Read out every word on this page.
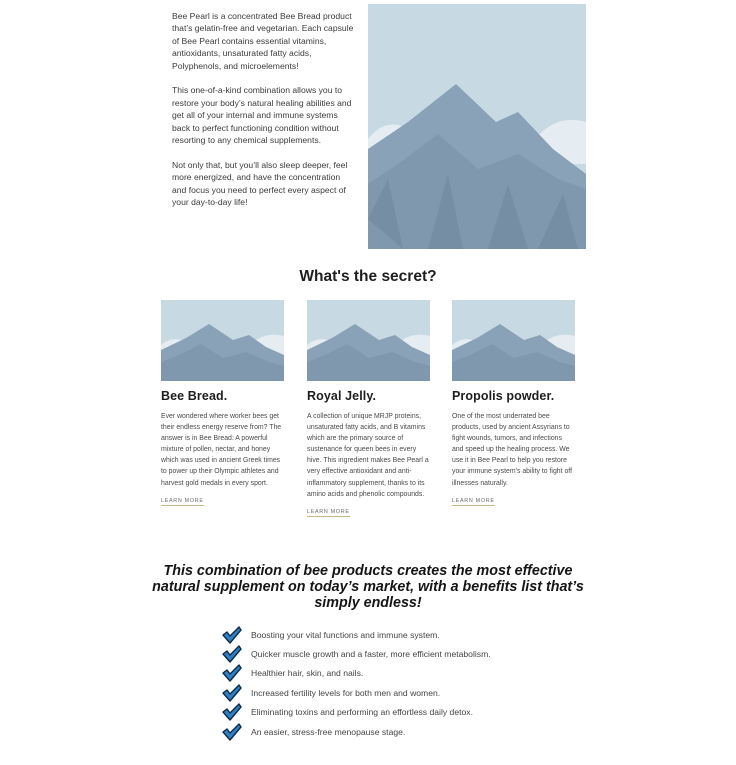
Bee Pearl is a concentrated Bee Bread product that’s gelatin-free and vegetarian. Each capsule of Bee Pearl contains essential vitamins, antioxidants, unsaturated fatty acids, Polyphenols, and microelements!

This one-of-a-kind combination allows you to restore your body’s natural healing abilities and get all of your internal and immune systems back to perfect functioning condition without resorting to any chemical supplements.

Not only that, but you’ll also sleep deeper, feel more energized, and have the concentration and focus you need to perfect every aspect of your day-to-day life!

What's the secret?
Bee Bread.
Ever wondered where worker bees get their endless energy reserve from? The answer is in Bee Bread: A powerful mixture of pollen, nectar, and honey which was used in ancient Greek times to power up their Olympic athletes and harvest gold medals in every sport.
LEARN MORE
Royal Jelly.
A collection of unique MRJP proteins, unsaturated fatty acids, and B vitamins which are the primary source of sustenance for queen bees in every hive. This ingredient makes Bee Pearl a very effective antioxidant and anti-inflammatory supplement, thanks to its amino acids and phenolic compounds.
LEARN MORE
Propolis powder.
One of the most underrated bee products, used by ancient Assyrians to fight wounds, tumors, and infections and speed up the healing process. We use it in Bee Pearl to help you restore your immune system’s ability to fight off illnesses naturally.
LEARN MORE
This combination of bee products creates the most effective natural supplement on today’s market, with a benefits list that’s simply endless!
Boosting your vital functions and immune system.
Quicker muscle growth and a faster, more efficient metabolism.
Healthier hair, skin, and nails.
Increased fertility levels for both men and women.
Eliminating toxins and performing an effortless daily detox.
An easier, stress-free menopause stage.
